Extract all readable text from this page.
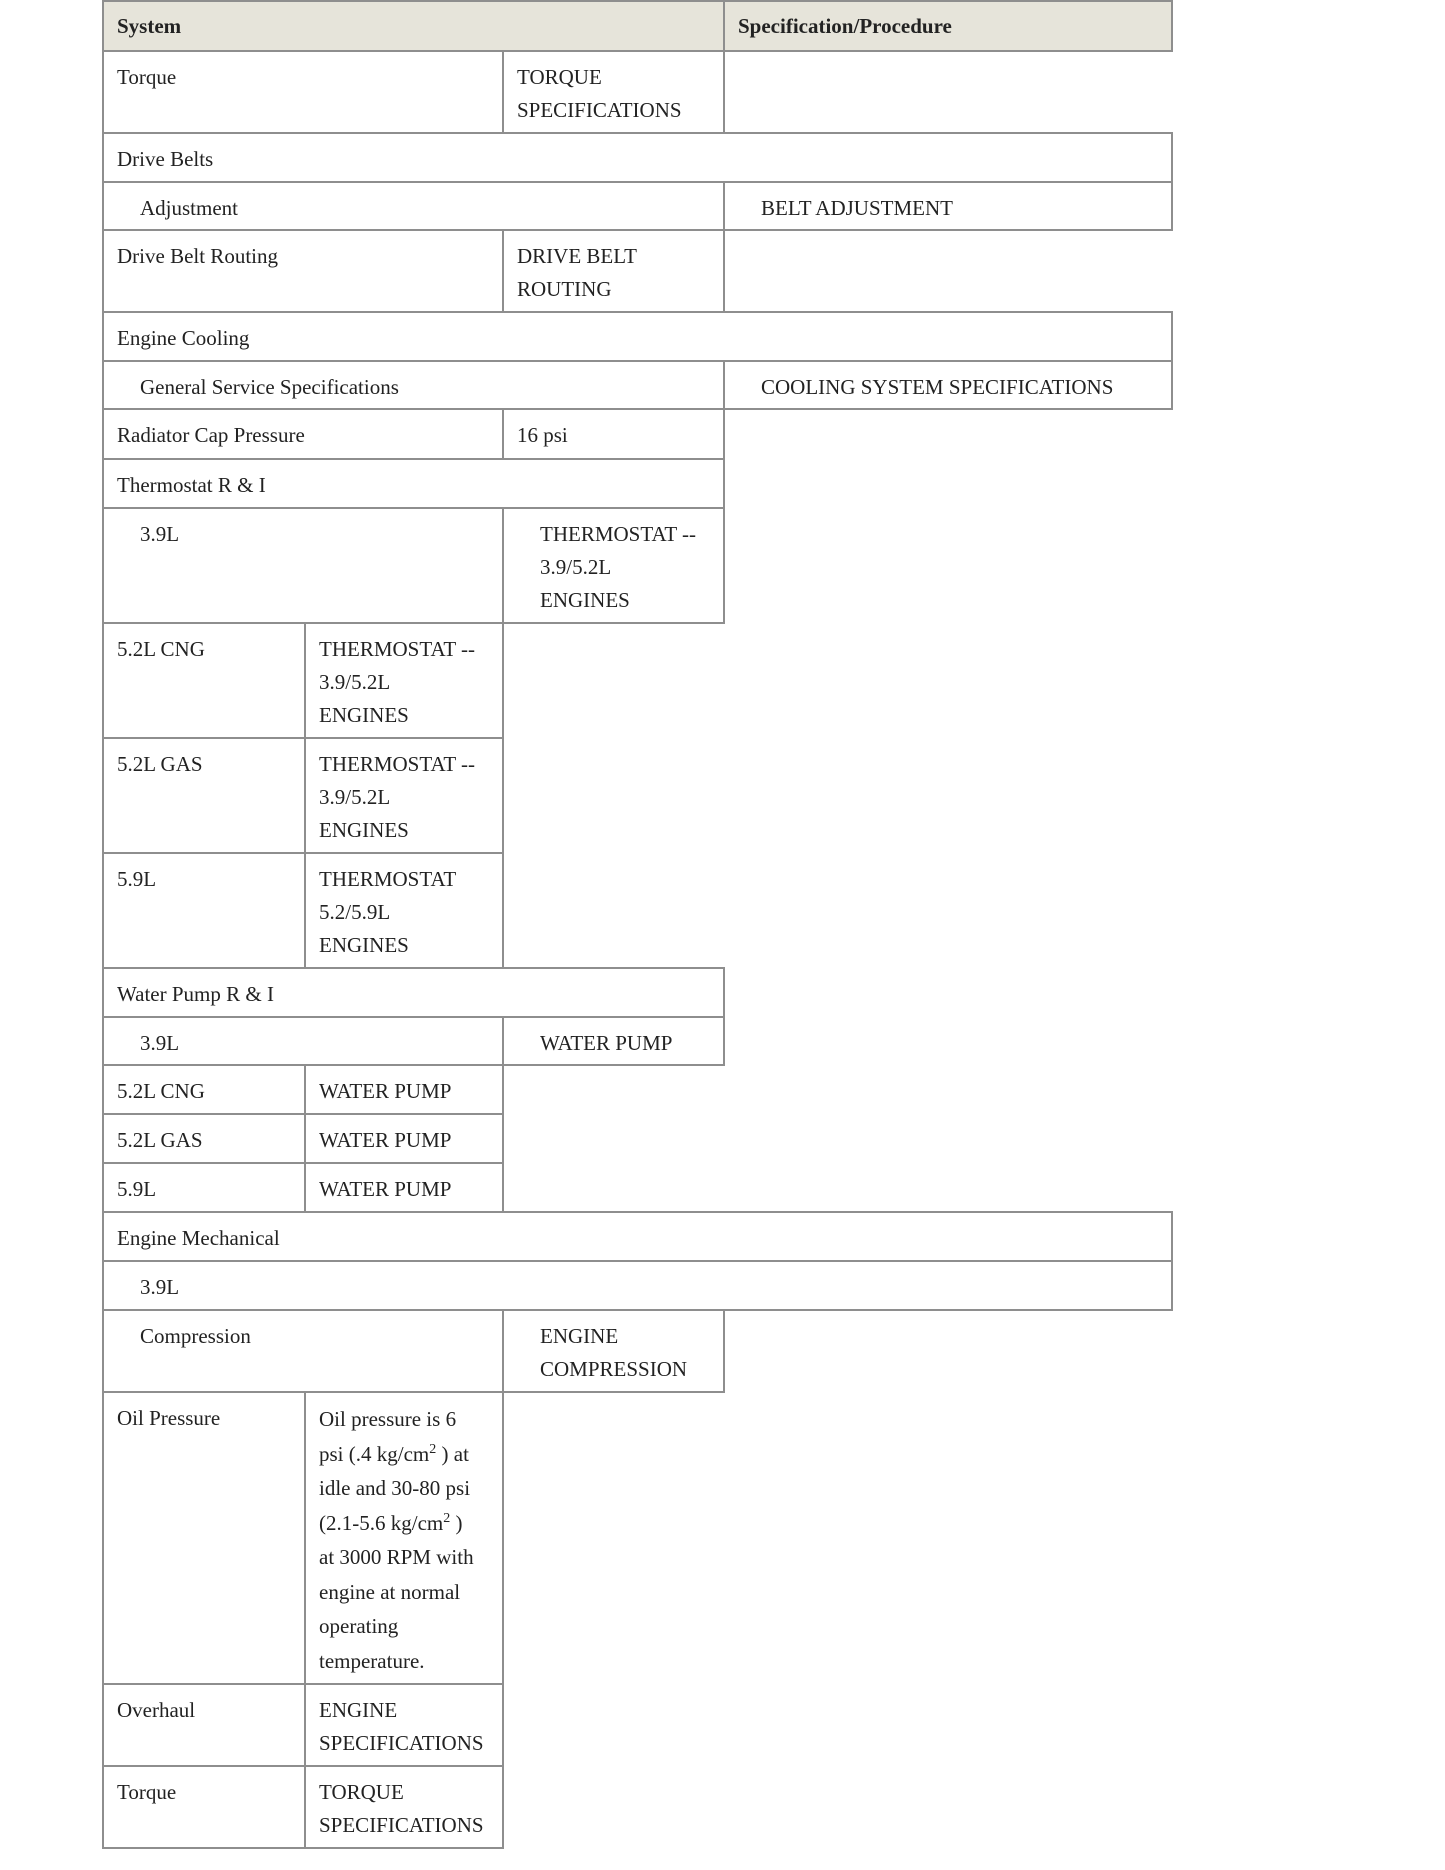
System	Specification/Procedure
Torque	TORQUE
SPECIFICATIONS
Drive Belts
Adjustment	BELT ADJUSTMENT
Drive Belt Routing	DRIVE BELT
ROUTING
Engine Cooling
General Service Specifications	COOLING SYSTEM SPECIFICATIONS
Radiator Cap Pressure	16 psi
Thermostat R & I
3.9L	THERMOSTAT --
3.9/5.2L
ENGINES
5.2L CNG	THERMOSTAT --
3.9/5.2L
ENGINES
5.2L GAS	THERMOSTAT --
3.9/5.2L
ENGINES
5.9L	THERMOSTAT
5.2/5.9L
ENGINES
Water Pump R & I
3.9L	WATER PUMP
5.2L CNG	WATER PUMP
5.2L GAS	WATER PUMP
5.9L	WATER PUMP
Engine Mechanical
3.9L
Compression	ENGINE
COMPRESSION
Oil Pressure	Oil pressure is 6
psi (.4 $kg/cm^2$ ) at
idle and 30-80 psi
(2.1-5.6 $kg/cm^2$ )
at 3000 RPM with
engine at normal
operating
temperature.
Overhaul	ENGINE
SPECIFICATIONS
Torque	TORQUE
SPECIFICATIONS
